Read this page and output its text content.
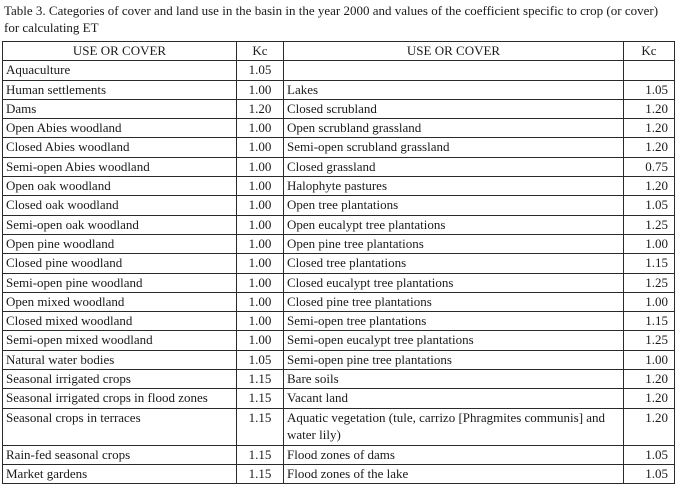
Table 3. Categories of cover and land use in the basin in the year 2000 and values of the coefficient specific to crop (or cover) for calculating ET
USE OR COVER	Kc	USE OR COVER	Kc
Aquaculture	1.05		
Human settlements	1.00	Lakes	1.05
Dams	1.20	Closed scrubland	1.20
Open Abies woodland	1.00	Open scrubland grassland	1.20
Closed Abies woodland	1.00	Semi-open scrubland grassland	1.20
Semi-open Abies woodland	1.00	Closed grassland	0.75
Open oak woodland	1.00	Halophyte pastures	1.20
Closed oak woodland	1.00	Open tree plantations	1.05
Semi-open oak woodland	1.00	Open eucalypt tree plantations	1.25
Open pine woodland	1.00	Open pine tree plantations	1.00
Closed pine woodland	1.00	Closed tree plantations	1.15
Semi-open pine woodland	1.00	Closed eucalypt tree plantations	1.25
Open mixed woodland	1.00	Closed pine tree plantations	1.00
Closed mixed woodland	1.00	Semi-open tree plantations	1.15
Semi-open mixed woodland	1.00	Semi-open eucalypt tree plantations	1.25
Natural water bodies	1.05	Semi-open pine tree plantations	1.00
Seasonal irrigated crops	1.15	Bare soils	1.20
Seasonal irrigated crops in flood zones	1.15	Vacant land	1.20
Seasonal crops in terraces	1.15	Aquatic vegetation (tule, carrizo [Phragmites communis] and water lily)	1.20
Rain-fed seasonal crops	1.15	Flood zones of dams	1.05
Market gardens	1.15	Flood zones of the lake	1.05
